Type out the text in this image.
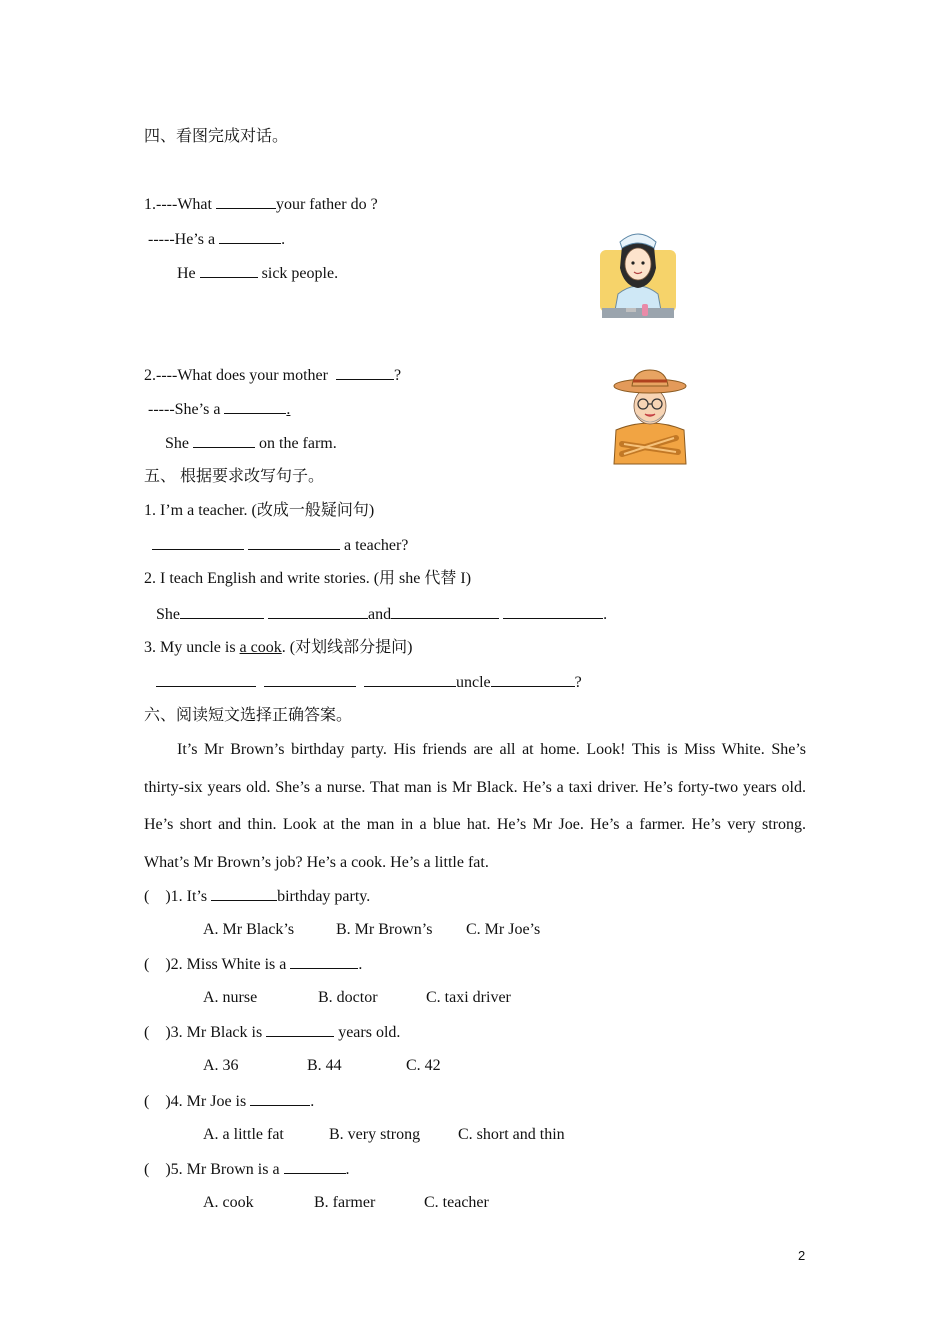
四、看图完成对话。
1.----What	your father do ?
-----He’s a	.
He	sick people.
2.----What does your mother	?
-----She’s a	.
She	on the farm.
五、 根据要求改写句子。
1. I’m a teacher. (改成一般疑问句)
a teacher?
2. I teach English and write stories. (用 she 代替 I)
She	and	.
3. My uncle is a cook. (对划线部分提问)
uncle	?
六、阅读短文选择正确答案。
It’s Mr Brown’s birthday party. His friends are all at home. Look! This is Miss White. She’s thirty-six years old. She’s a nurse. That man is Mr Black. He’s a taxi driver. He’s forty-two years old. He’s short and thin. Look at the man in a blue hat. He’s Mr Joe. He’s a farmer. He’s very strong. What’s Mr Brown’s job? He’s a cook. He’s a little fat.
(    )1. It’s	birthday party.
A. Mr Black’s	B. Mr Brown’s C. Mr Joe’s
(    )2. Miss White is a	.
A. nurse	B. doctor	C. taxi driver
(    )3. Mr Black is	years old.
A. 36	B. 44	C. 42
(    )4. Mr Joe is	.
A. a little fat	B. very strong C. short and thin
(    )5. Mr Brown is a	.
A. cook	B. farmer	C. teacher
2
